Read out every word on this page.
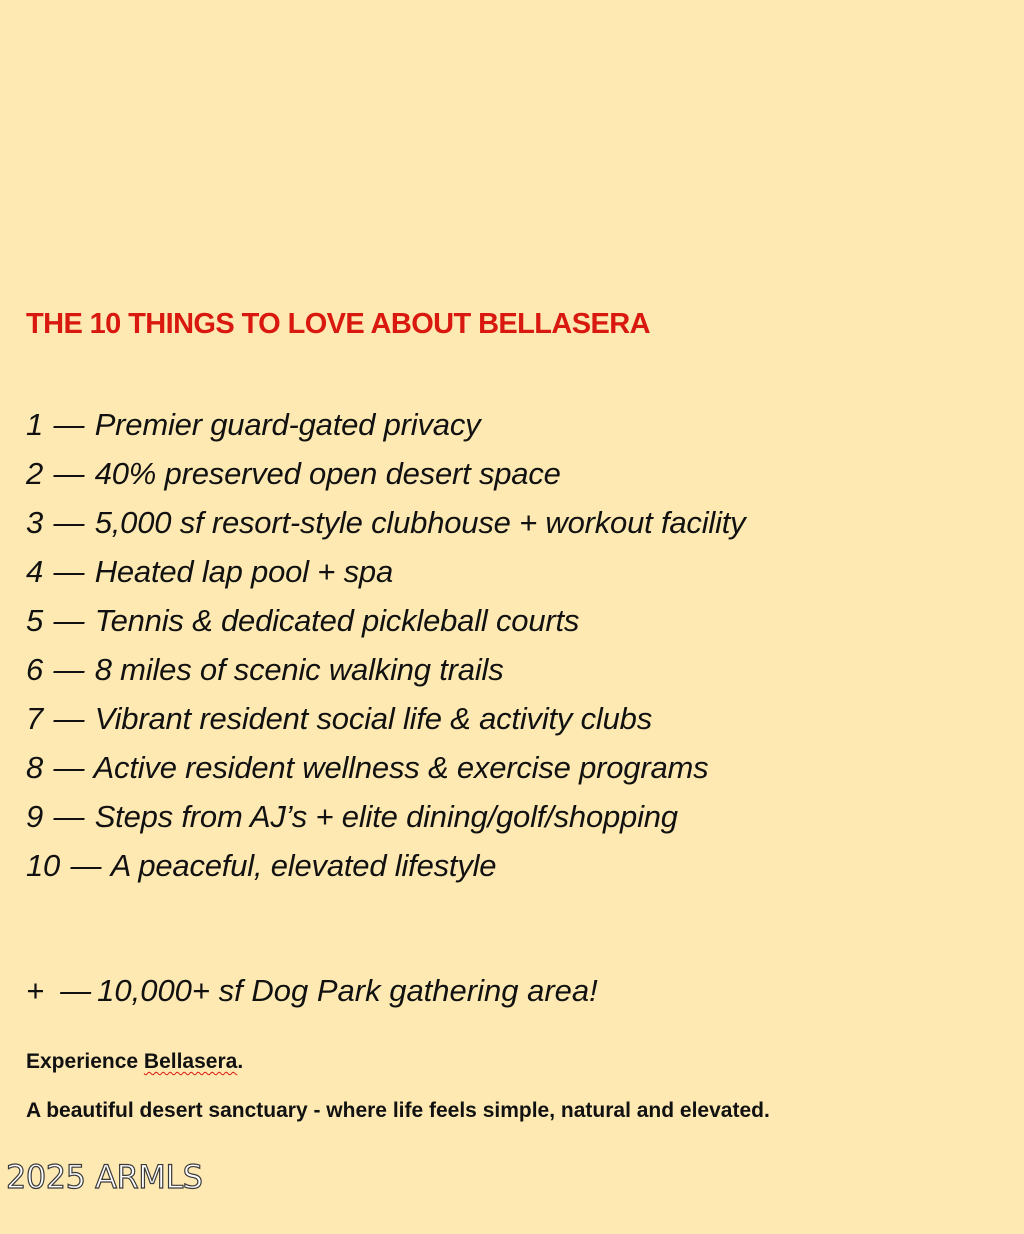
THE 10 THINGS TO LOVE ABOUT BELLASERA
1 — Premier guard-gated privacy
2 — 40% preserved open desert space
3 — 5,000 sf resort-style clubhouse + workout facility
4 — Heated lap pool + spa
5 — Tennis & dedicated pickleball courts
6 — 8 miles of scenic walking trails
7 — Vibrant resident social life & activity clubs
8 — Active resident wellness & exercise programs
9 — Steps from AJ’s + elite dining/golf/shopping
10 — A peaceful, elevated lifestyle
+ — 10,000+ sf Dog Park gathering area!
Experience Bellasera.
A beautiful desert sanctuary - where life feels simple, natural and elevated.
2025 ARMLS
